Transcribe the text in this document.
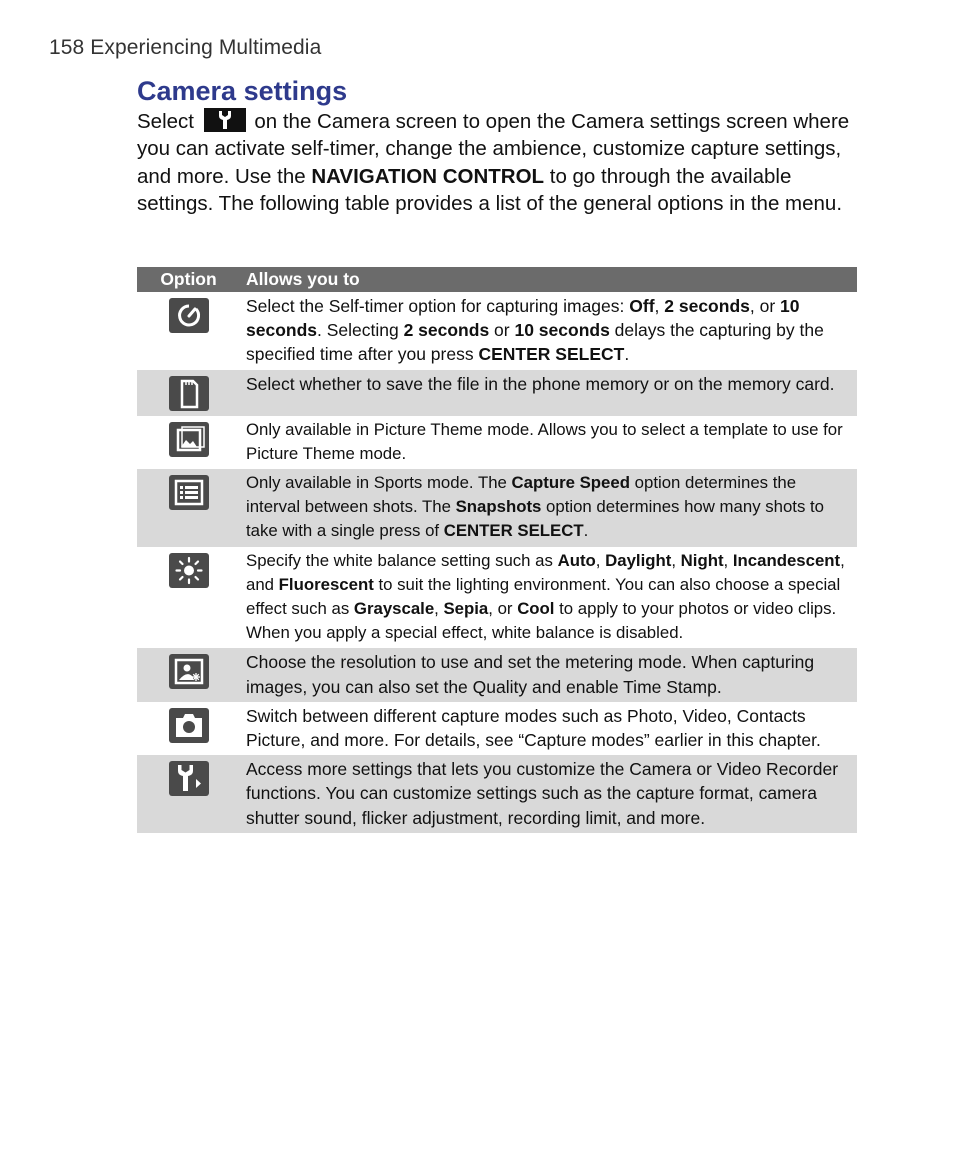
158 Experiencing Multimedia
Camera settings

Select
on the Camera screen to open the Camera settings screen where you can activate self-timer, change the ambience, customize capture settings, and more. Use the NAVIGATION CONTROL to go through the available settings. The following table provides a list of the general options in the menu.

Option	Allows you to

	Select the Self-timer option for capturing images: Off, 2 seconds, or 10 seconds. Selecting 2 seconds or 10 seconds delays the capturing by the specified time after you press CENTER SELECT.

	Select whether to save the file in the phone memory or on the memory card.

	Only available in Picture Theme mode. Allows you to select a template to use for Picture Theme mode.

	Only available in Sports mode. The Capture Speed option determines the interval between shots. The Snapshots option determines how many shots to take with a single press of CENTER SELECT.

	Specify the white balance setting such as Auto, Daylight, Night, Incandescent, and Fluorescent to suit the lighting environment. You can also choose a special effect such as Grayscale, Sepia, or Cool to apply to your photos or video clips. When you apply a special effect, white balance is disabled.

	Choose the resolution to use and set the metering mode. When capturing images, you can also set the Quality and enable Time Stamp.

	Switch between different capture modes such as Photo, Video, Contacts Picture, and more. For details, see “Capture modes” earlier in this chapter.

	Access more settings that lets you customize the Camera or Video Recorder functions. You can customize settings such as the capture format, camera shutter sound, flicker adjustment, recording limit, and more.
